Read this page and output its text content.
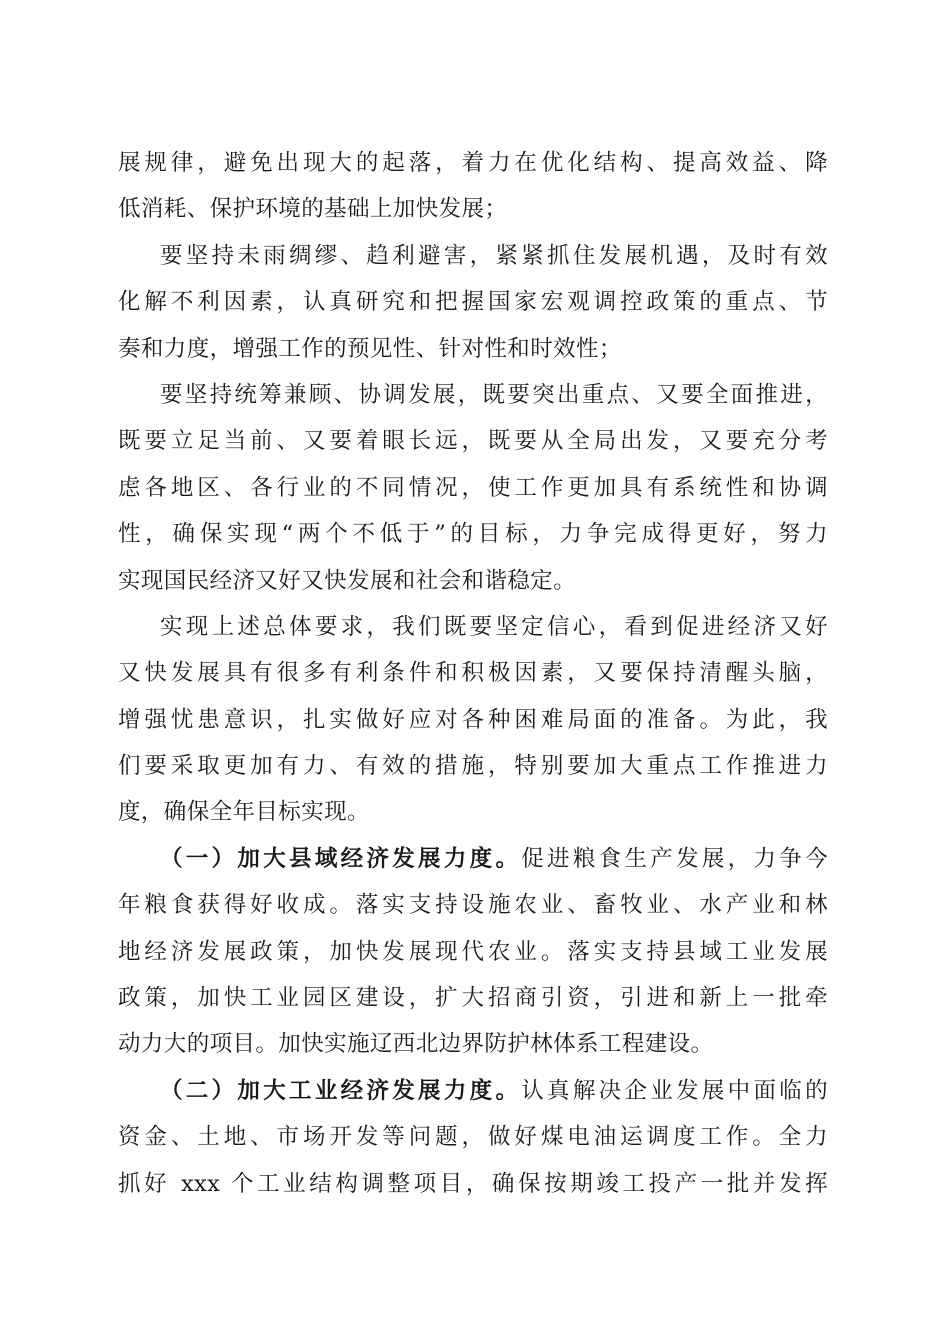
展规律，避免出现大的起落，着力在优化结构、提高效益、降
低消耗、保护环境的基础上加快发展；
要坚持未雨绸缪、趋利避害，紧紧抓住发展机遇，及时有效
化解不利因素，认真研究和把握国家宏观调控政策的重点、节
奏和力度，增强工作的预见性、针对性和时效性；
要坚持统筹兼顾、协调发展，既要突出重点、又要全面推进，
既要立足当前、又要着眼长远，既要从全局出发，又要充分考
虑各地区、各行业的不同情况，使工作更加具有系统性和协调
性，确保实现“两个不低于”的目标，力争完成得更好，努力
实现国民经济又好又快发展和社会和谐稳定。
实现上述总体要求，我们既要坚定信心，看到促进经济又好
又快发展具有很多有利条件和积极因素，又要保持清醒头脑，
增强忧患意识，扎实做好应对各种困难局面的准备。为此，我
们要采取更加有力、有效的措施，特别要加大重点工作推进力
度，确保全年目标实现。
（一）加大县域经济发展力度。促进粮食生产发展，力争今
年粮食获得好收成。落实支持设施农业、畜牧业、水产业和林
地经济发展政策，加快发展现代农业。落实支持县域工业发展
政策，加快工业园区建设，扩大招商引资，引进和新上一批牵
动力大的项目。加快实施辽西北边界防护林体系工程建设。
（二）加大工业经济发展力度。认真解决企业发展中面临的
资金、土地、市场开发等问题，做好煤电油运调度工作。全力
抓好 xxx 个工业结构调整项目，确保按期竣工投产一批并发挥
